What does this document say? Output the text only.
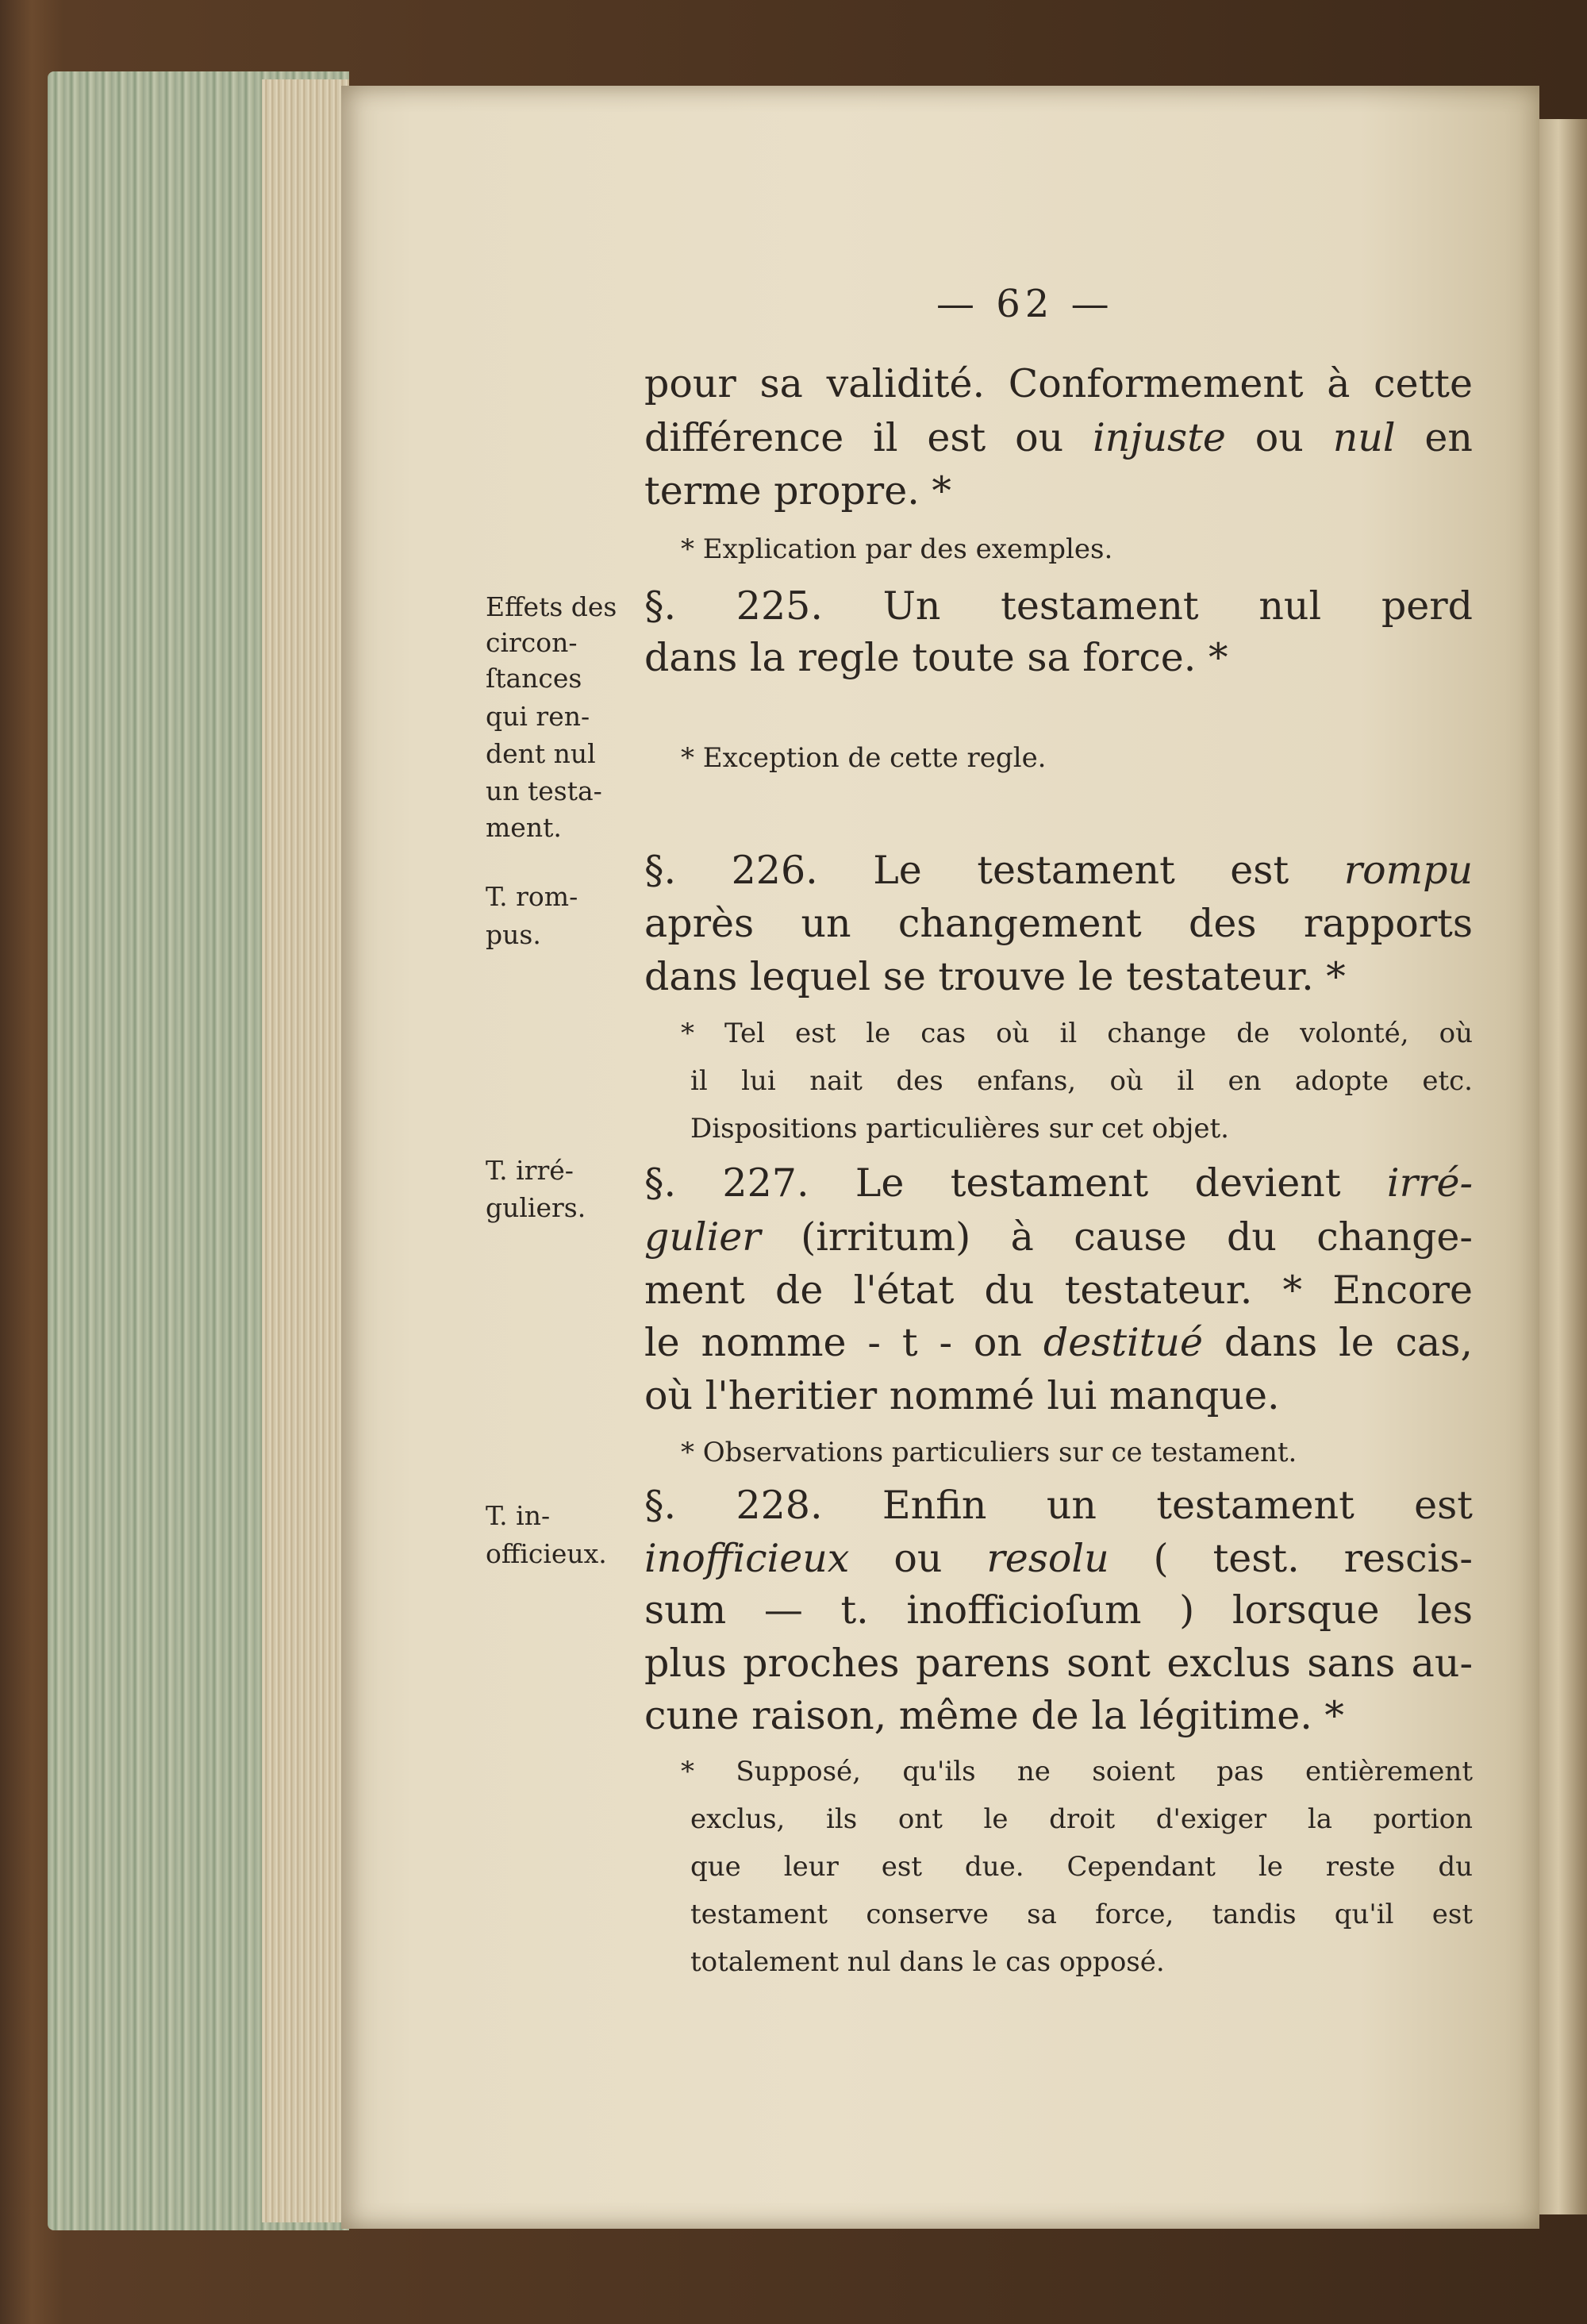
— 62 —
Effets des
circon-
ſtances
qui ren-
dent nul
un testa-
ment.
T. rom-
pus.
T. irré-
guliers.
T. in-
officieux.
pour sa validité. Conformement à cette
différence il est ou injuste ou nul en
terme propre. *
* Explication par des exemples.
§. 225. Un testament nul perd
dans la regle toute sa force. *
* Exception de cette regle.
§. 226. Le testament est rompu
après un changement des rapports
dans lequel se trouve le testateur. *
* Tel est le cas où il change de volonté, où
il lui nait des enfans, où il en adopte etc.
Dispositions particulières sur cet objet.
§. 227. Le testament devient irré-
gulier (irritum) à cause du change-
ment de l'état du testateur. * Encore
le nomme - t - on destitué dans le cas,
où l'heritier nommé lui manque.
* Observations particuliers sur ce testament.
§. 228. Enfin un testament est
inofficieux ou resolu ( test. rescis-
sum — t. inofficioſum ) lorsque les
plus proches parens sont exclus sans au-
cune raison, même de la légitime. *
* Supposé, qu'ils ne soient pas entièrement
exclus, ils ont le droit d'exiger la portion
que leur est due. Cependant le reste du
testament conserve sa force, tandis qu'il est
totalement nul dans le cas opposé.
